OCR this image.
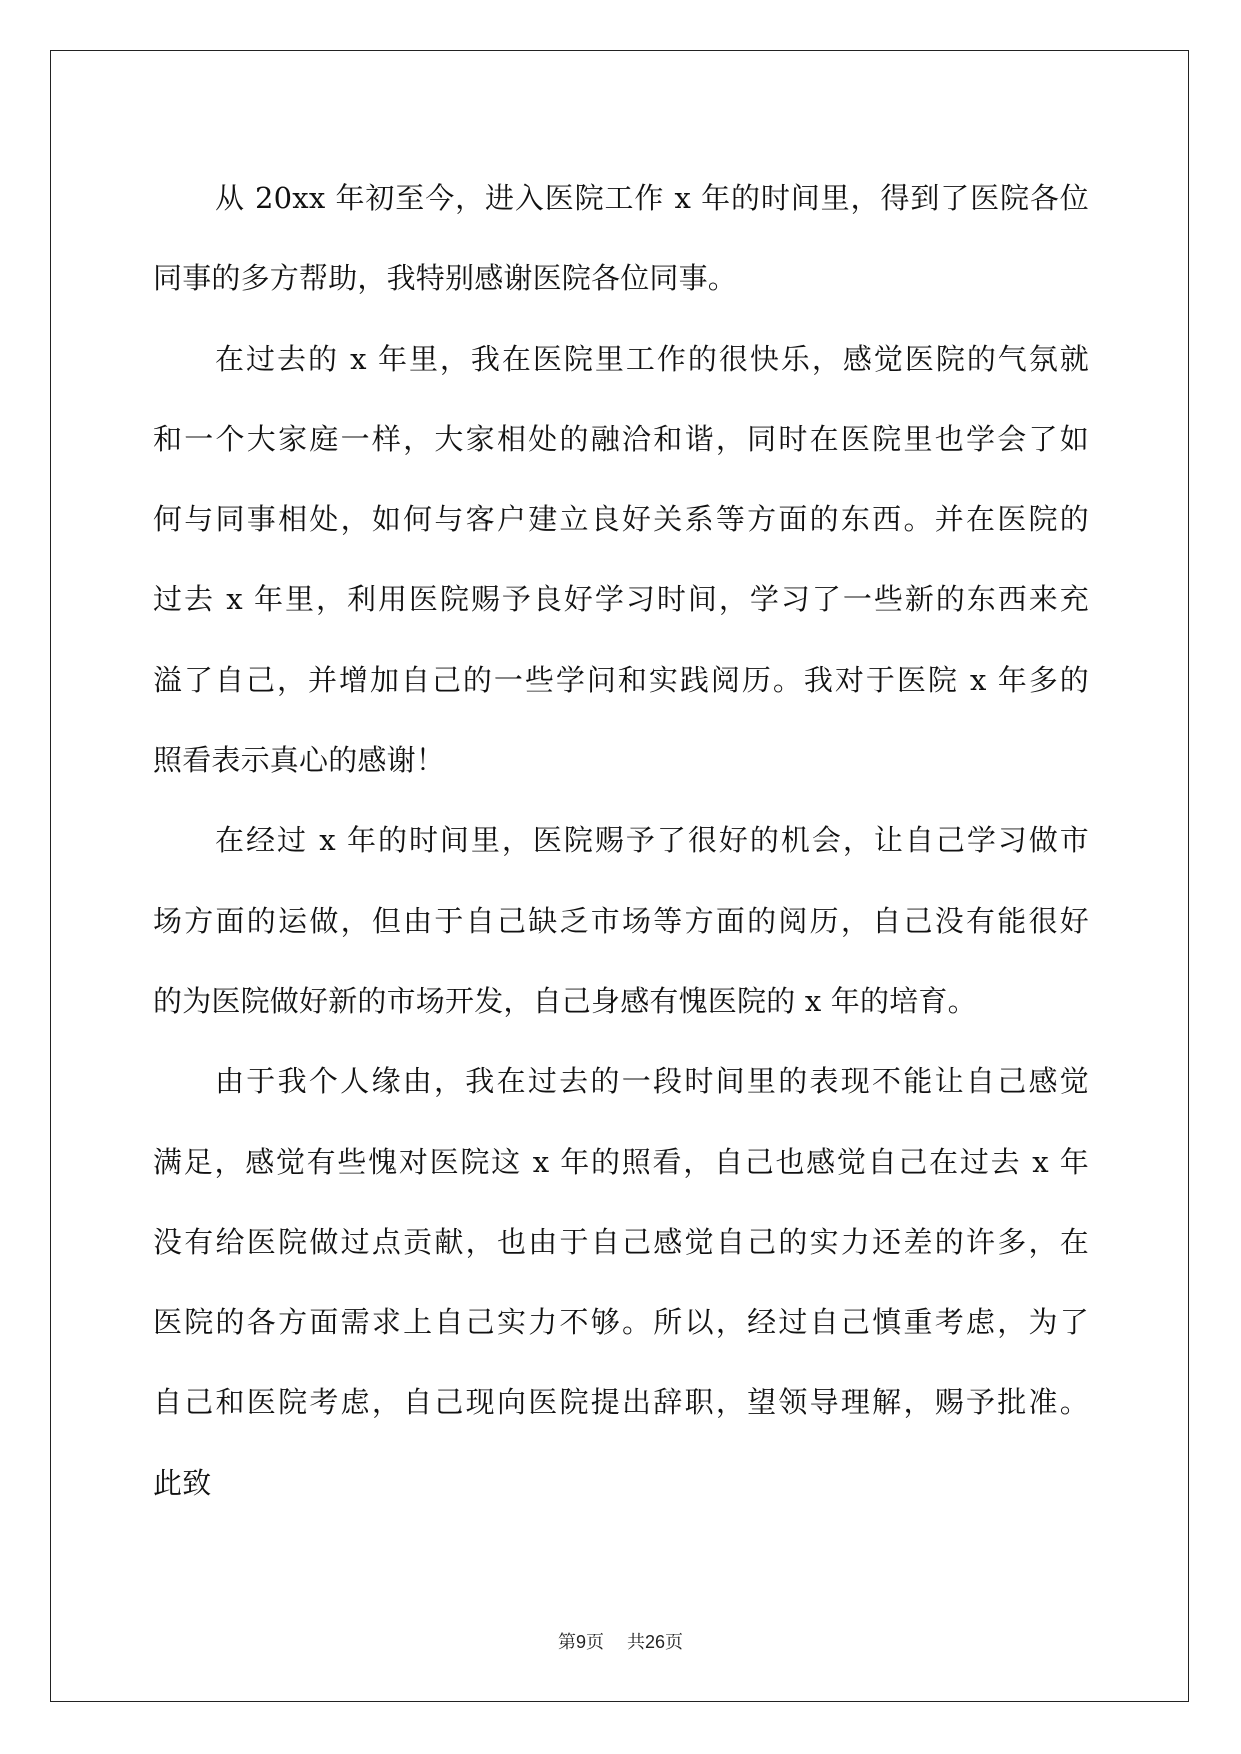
从 20xx 年初至今，进入医院工作 x 年的时间里，得到了医院各位
同事的多方帮助，我特别感谢医院各位同事。
在过去的 x 年里，我在医院里工作的很快乐，感觉医院的气氛就
和一个大家庭一样，大家相处的融洽和谐，同时在医院里也学会了如
何与同事相处，如何与客户建立良好关系等方面的东西。并在医院的
过去 x 年里，利用医院赐予良好学习时间，学习了一些新的东西来充
溢了自己，并增加自己的一些学问和实践阅历。我对于医院 x 年多的
照看表示真心的感谢！
在经过 x 年的时间里，医院赐予了很好的机会，让自己学习做市
场方面的运做，但由于自己缺乏市场等方面的阅历，自己没有能很好
的为医院做好新的市场开发，自己身感有愧医院的 x 年的培育。
由于我个人缘由，我在过去的一段时间里的表现不能让自己感觉
满足，感觉有些愧对医院这 x 年的照看，自己也感觉自己在过去 x 年
没有给医院做过点贡献，也由于自己感觉自己的实力还差的许多，在
医院的各方面需求上自己实力不够。所以，经过自己慎重考虑，为了
自己和医院考虑，自己现向医院提出辞职，望领导理解，赐予批准。
此致
第9页 共26页
